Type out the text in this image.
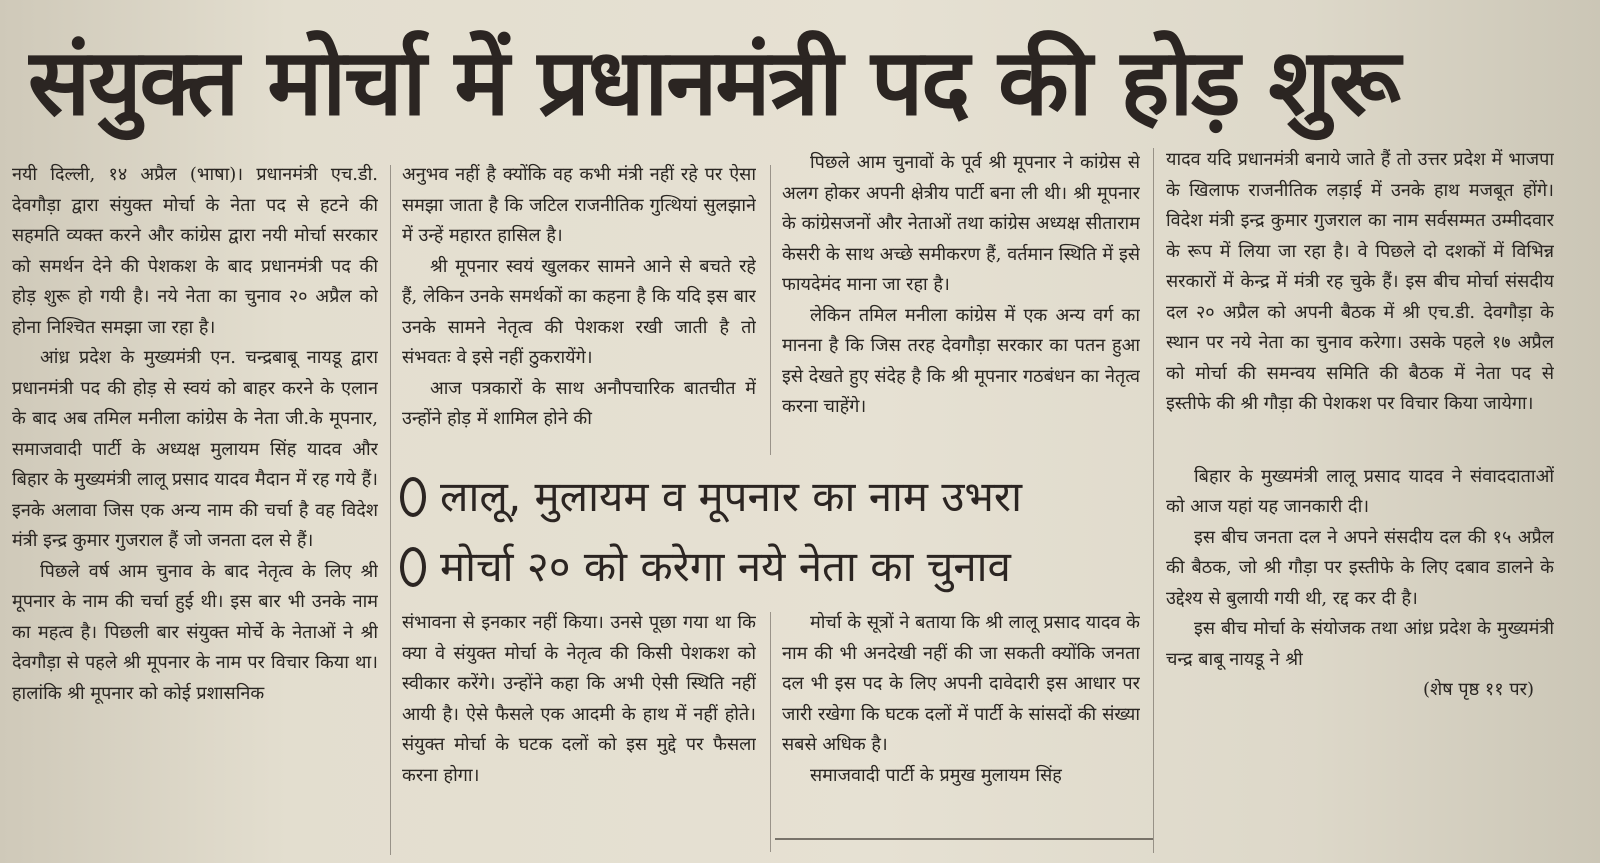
संयुक्त मोर्चा में प्रधानमंत्री पद की होड़ शुरू

नयी दिल्ली, १४ अप्रैल (भाषा)। प्रधानमंत्री एच.डी. देवगौड़ा द्वारा संयुक्त मोर्चा के नेता पद से हटने की सहमति व्यक्त करने और कांग्रेस द्वारा नयी मोर्चा सरकार को समर्थन देने की पेशकश के बाद प्रधानमंत्री पद की होड़ शुरू हो गयी है। नये नेता का चुनाव २० अप्रैल को होना निश्चित समझा जा रहा है।

आंध्र प्रदेश के मुख्यमंत्री एन. चन्द्रबाबू नायडू द्वारा प्रधानमंत्री पद की होड़ से स्वयं को बाहर करने के एलान के बाद अब तमिल मनीला कांग्रेस के नेता जी.के मूपनार, समाजवादी पार्टी के अध्यक्ष मुलायम सिंह यादव और बिहार के मुख्यमंत्री लालू प्रसाद यादव मैदान में रह गये हैं। इनके अलावा जिस एक अन्य नाम की चर्चा है वह विदेश मंत्री इन्द्र कुमार गुजराल हैं जो जनता दल से हैं।

पिछले वर्ष आम चुनाव के बाद नेतृत्व के लिए श्री मूपनार के नाम की चर्चा हुई थी। इस बार भी उनके नाम का महत्व है। पिछली बार संयुक्त मोर्चे के नेताओं ने श्री देवगौड़ा से पहले श्री मूपनार के नाम पर विचार किया था। हालांकि श्री मूपनार को कोई प्रशासनिक

अनुभव नहीं है क्योंकि वह कभी मंत्री नहीं रहे पर ऐसा समझा जाता है कि जटिल राजनीतिक गुत्थियां सुलझाने में उन्हें महारत हासिल है।

श्री मूपनार स्वयं खुलकर सामने आने से बचते रहे हैं, लेकिन उनके समर्थकों का कहना है कि यदि इस बार उनके सामने नेतृत्व की पेशकश रखी जाती है तो संभवतः वे इसे नहीं ठुकरायेंगे।

आज पत्रकारों के साथ अनौपचारिक बातचीत में उन्होंने होड़ में शामिल होने की

पिछले आम चुनावों के पूर्व श्री मूपनार ने कांग्रेस से अलग होकर अपनी क्षेत्रीय पार्टी बना ली थी। श्री मूपनार के कांग्रेसजनों और नेताओं तथा कांग्रेस अध्यक्ष सीताराम केसरी के साथ अच्छे समीकरण हैं, वर्तमान स्थिति में इसे फायदेमंद माना जा रहा है।

लेकिन तमिल मनीला कांग्रेस में एक अन्य वर्ग का मानना है कि जिस तरह देवगौड़ा सरकार का पतन हुआ इसे देखते हुए संदेह है कि श्री मूपनार गठबंधन का नेतृत्व करना चाहेंगे।

लालू, मुलायम व मूपनार का नाम उभरा
मोर्चा २० को करेगा नये नेता का चुनाव

संभावना से इनकार नहीं किया। उनसे पूछा गया था कि क्या वे संयुक्त मोर्चा के नेतृत्व की किसी पेशकश को स्वीकार करेंगे। उन्होंने कहा कि अभी ऐसी स्थिति नहीं आयी है। ऐसे फैसले एक आदमी के हाथ में नहीं होते। संयुक्त मोर्चा के घटक दलों को इस मुद्दे पर फैसला करना होगा।

मोर्चा के सूत्रों ने बताया कि श्री लालू प्रसाद यादव के नाम की भी अनदेखी नहीं की जा सकती क्योंकि जनता दल भी इस पद के लिए अपनी दावेदारी इस आधार पर जारी रखेगा कि घटक दलों में पार्टी के सांसदों की संख्या सबसे अधिक है।

समाजवादी पार्टी के प्रमुख मुलायम सिंह

यादव यदि प्रधानमंत्री बनाये जाते हैं तो उत्तर प्रदेश में भाजपा के खिलाफ राजनीतिक लड़ाई में उनके हाथ मजबूत होंगे। विदेश मंत्री इन्द्र कुमार गुजराल का नाम सर्वसम्मत उम्मीदवार के रूप में लिया जा रहा है। वे पिछले दो दशकों में विभिन्न सरकारों में केन्द्र में मंत्री रह चुके हैं। इस बीच मोर्चा संसदीय दल २० अप्रैल को अपनी बैठक में श्री एच.डी. देवगौड़ा के स्थान पर नये नेता का चुनाव करेगा। उसके पहले १७ अप्रैल को मोर्चा की समन्वय समिति की बैठक में नेता पद से इस्तीफे की श्री गौड़ा की पेशकश पर विचार किया जायेगा।

बिहार के मुख्यमंत्री लालू प्रसाद यादव ने संवाददाताओं को आज यहां यह जानकारी दी।

इस बीच जनता दल ने अपने संसदीय दल की १५ अप्रैल की बैठक, जो श्री गौड़ा पर इस्तीफे के लिए दबाव डालने के उद्देश्य से बुलायी गयी थी, रद्द कर दी है।

इस बीच मोर्चा के संयोजक तथा आंध्र प्रदेश के मुख्यमंत्री चन्द्र बाबू नायडू ने श्री

(शेष पृष्ठ ११ पर)
